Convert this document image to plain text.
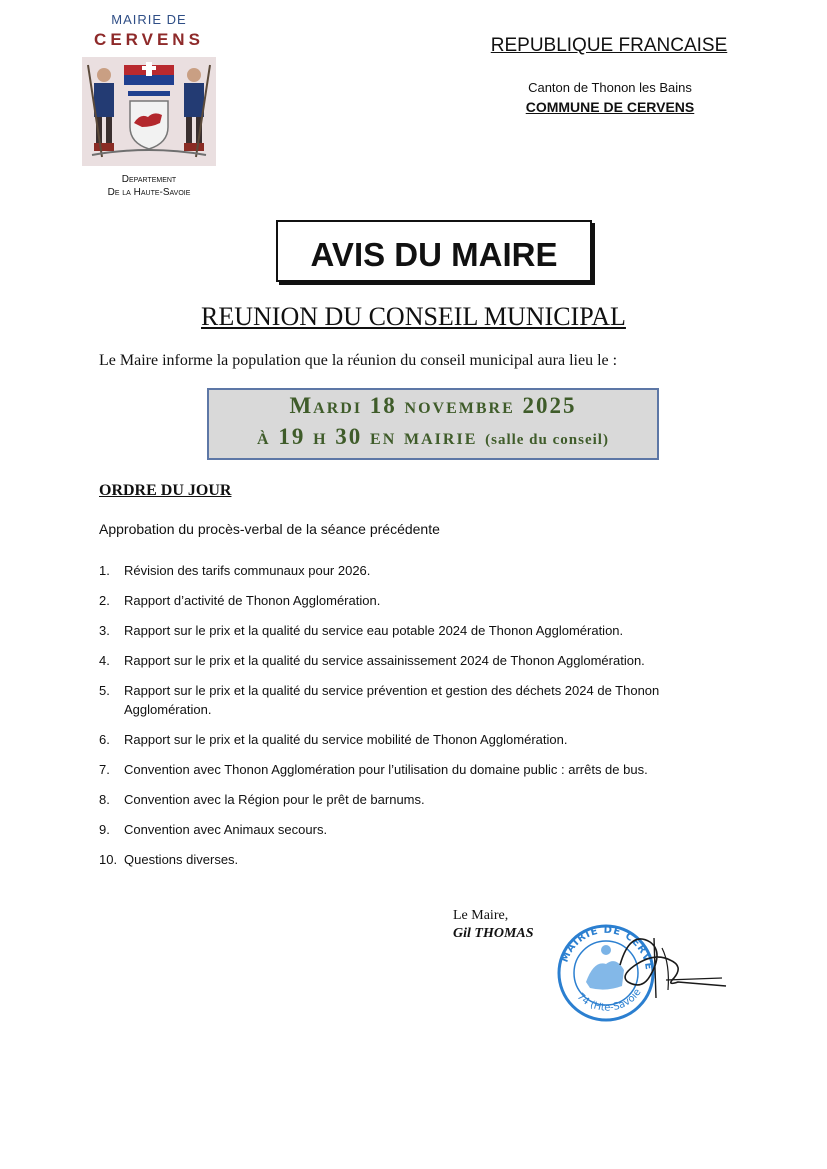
MAIRIE DE
CERVENS
Departement
De la Haute-Savoie
REPUBLIQUE FRANCAISE
Canton de Thonon les Bains
COMMUNE DE CERVENS
AVIS DU MAIRE
REUNION DU CONSEIL MUNICIPAL
Le Maire informe la population que la réunion du conseil municipal aura lieu le :
Mardi 18 novembre 2025
à 19 h 30 en mairie (salle du conseil)
ORDRE DU JOUR
Approbation du procès-verbal de la séance précédente
1. Révision des tarifs communaux pour 2026.
2. Rapport d’activité de Thonon Agglomération.
3. Rapport sur le prix et la qualité du service eau potable 2024 de Thonon Agglomération.
4. Rapport sur le prix et la qualité du service assainissement 2024 de Thonon Agglomération.
5. Rapport sur le prix et la qualité du service prévention et gestion des déchets 2024 de Thonon Agglomération.
6. Rapport sur le prix et la qualité du service mobilité de Thonon Agglomération.
7. Convention avec Thonon Agglomération pour l’utilisation du domaine public : arrêts de bus.
8. Convention avec la Région pour le prêt de barnums.
9. Convention avec Animaux secours.
10. Questions diverses.
Le Maire,
Gil THOMAS
MAIRIE DE CERVE
74 (Hte-Savoie
